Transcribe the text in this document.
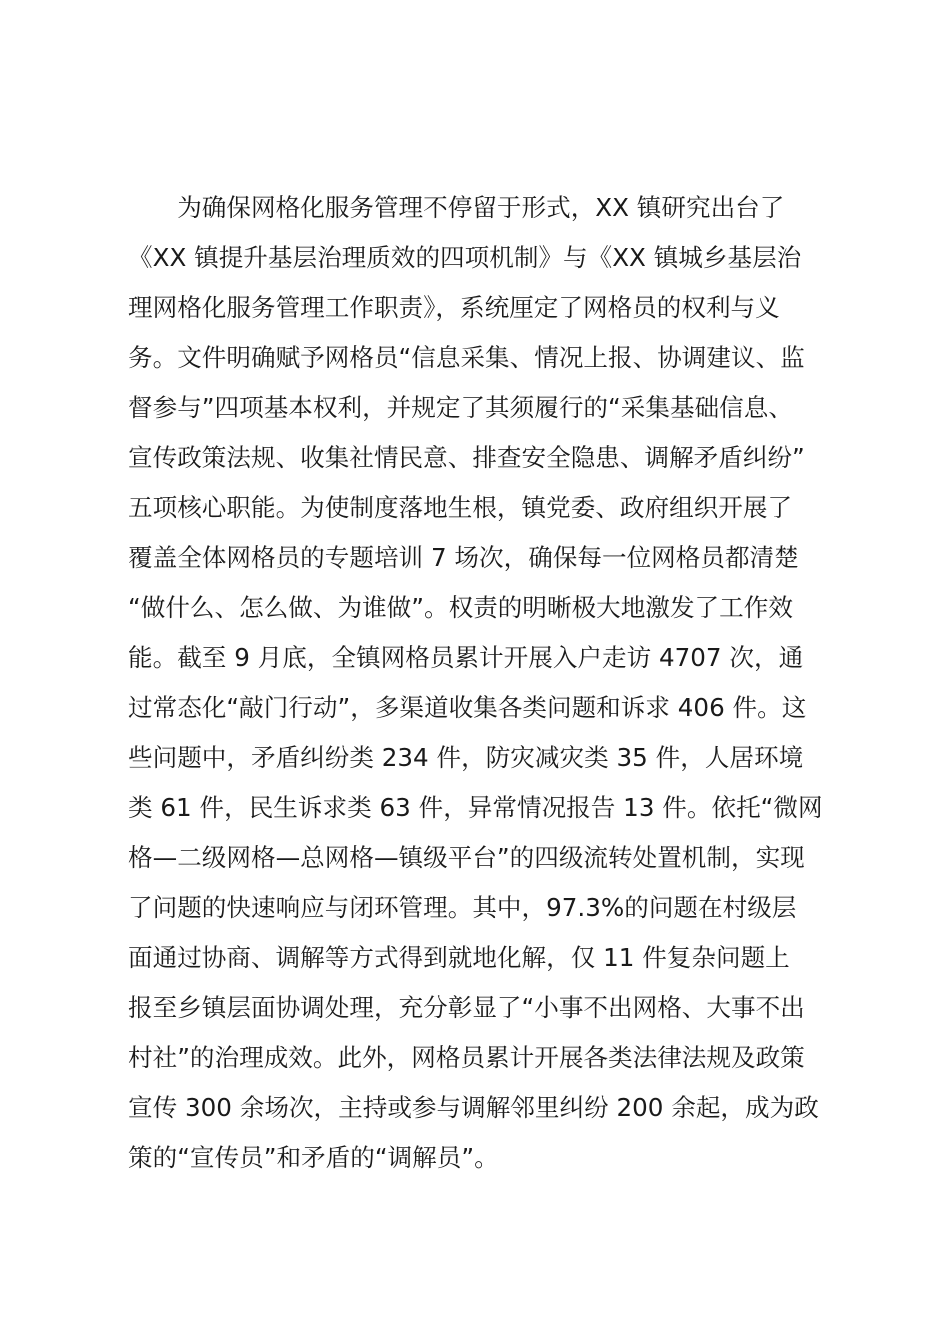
　　为确保网格化服务管理不停留于形式，XX 镇研究出台了
《XX 镇提升基层治理质效的四项机制》与《XX 镇城乡基层治
理网格化服务管理工作职责》，系统厘定了网格员的权利与义
务。文件明确赋予网格员“信息采集、情况上报、协调建议、监
督参与”四项基本权利，并规定了其须履行的“采集基础信息、
宣传政策法规、收集社情民意、排查安全隐患、调解矛盾纠纷”
五项核心职能。为使制度落地生根，镇党委、政府组织开展了
覆盖全体网格员的专题培训 7 场次，确保每一位网格员都清楚
“做什么、怎么做、为谁做”。权责的明晰极大地激发了工作效
能。截至 9 月底，全镇网格员累计开展入户走访 4707 次，通
过常态化“敲门行动”，多渠道收集各类问题和诉求 406 件。这
些问题中，矛盾纠纷类 234 件，防灾减灾类 35 件，人居环境
类 61 件，民生诉求类 63 件，异常情况报告 13 件。依托“微网
格—二级网格—总网格—镇级平台”的四级流转处置机制，实现
了问题的快速响应与闭环管理。其中，97.3%的问题在村级层
面通过协商、调解等方式得到就地化解，仅 11 件复杂问题上
报至乡镇层面协调处理，充分彰显了“小事不出网格、大事不出
村社”的治理成效。此外，网格员累计开展各类法律法规及政策
宣传 300 余场次，主持或参与调解邻里纠纷 200 余起，成为政
策的“宣传员”和矛盾的“调解员”。
